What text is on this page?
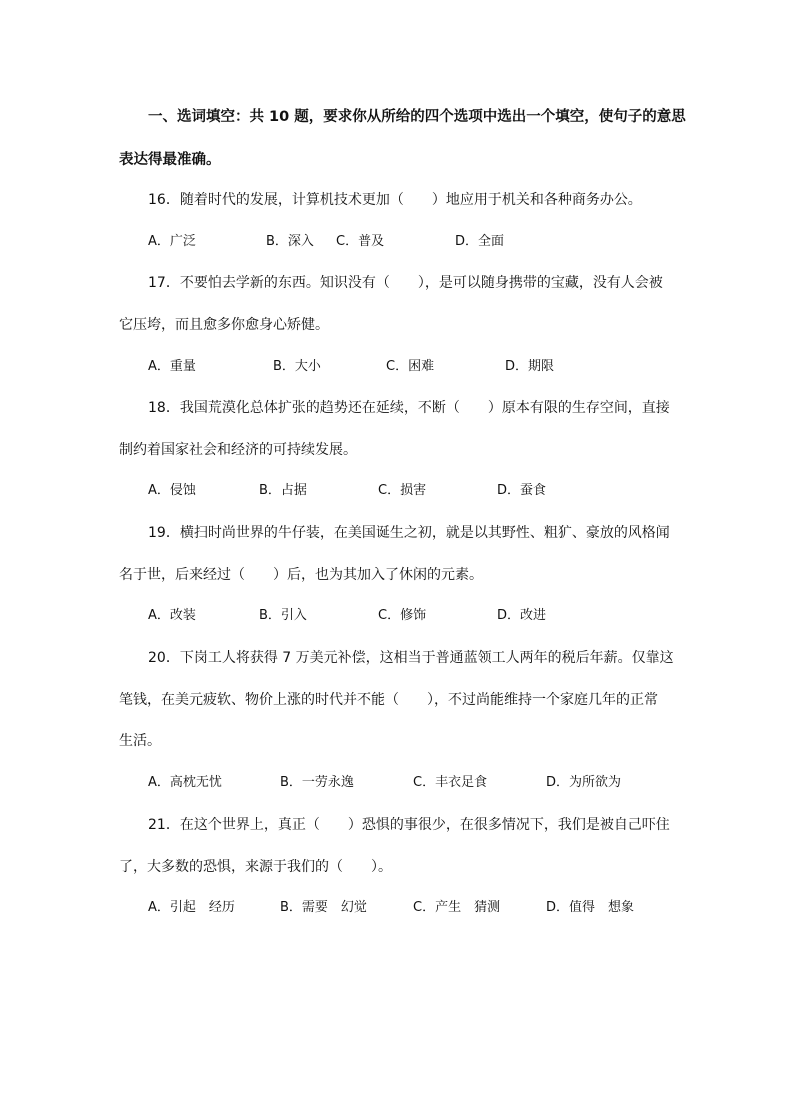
一、选词填空：共 10 题，要求你从所给的四个选项中选出一个填空，使句子的意思
表达得最准确。
16．随着时代的发展，计算机技术更加（　　）地应用于机关和各种商务办公。
A．广泛	B．深入 C．普及	D．全面
17．不要怕去学新的东西。知识没有（　　），是可以随身携带的宝藏，没有人会被
它压垮，而且愈多你愈身心矫健。
A．重量	B．大小	C．困难	D．期限
18．我国荒漠化总体扩张的趋势还在延续，不断（　　）原本有限的生存空间，直接
制约着国家社会和经济的可持续发展。
A．侵蚀	B．占据	C．损害	D．蚕食
19．横扫时尚世界的牛仔装，在美国诞生之初，就是以其野性、粗犷、豪放的风格闻
名于世，后来经过（　　）后，也为其加入了休闲的元素。
A．改装	B．引入	C．修饰	D．改进
20．下岗工人将获得 7 万美元补偿，这相当于普通蓝领工人两年的税后年薪。仅靠这
笔钱，在美元疲软、物价上涨的时代并不能（　　），不过尚能维持一个家庭几年的正常
生活。
A．高枕无忧	B．一劳永逸	C．丰衣足食	D．为所欲为
21．在这个世界上，真正（　　）恐惧的事很少，在很多情况下，我们是被自己吓住
了，大多数的恐惧，来源于我们的（　　）。
A．引起　经历	B．需要　幻觉	C．产生　猜测	D．值得　想象
